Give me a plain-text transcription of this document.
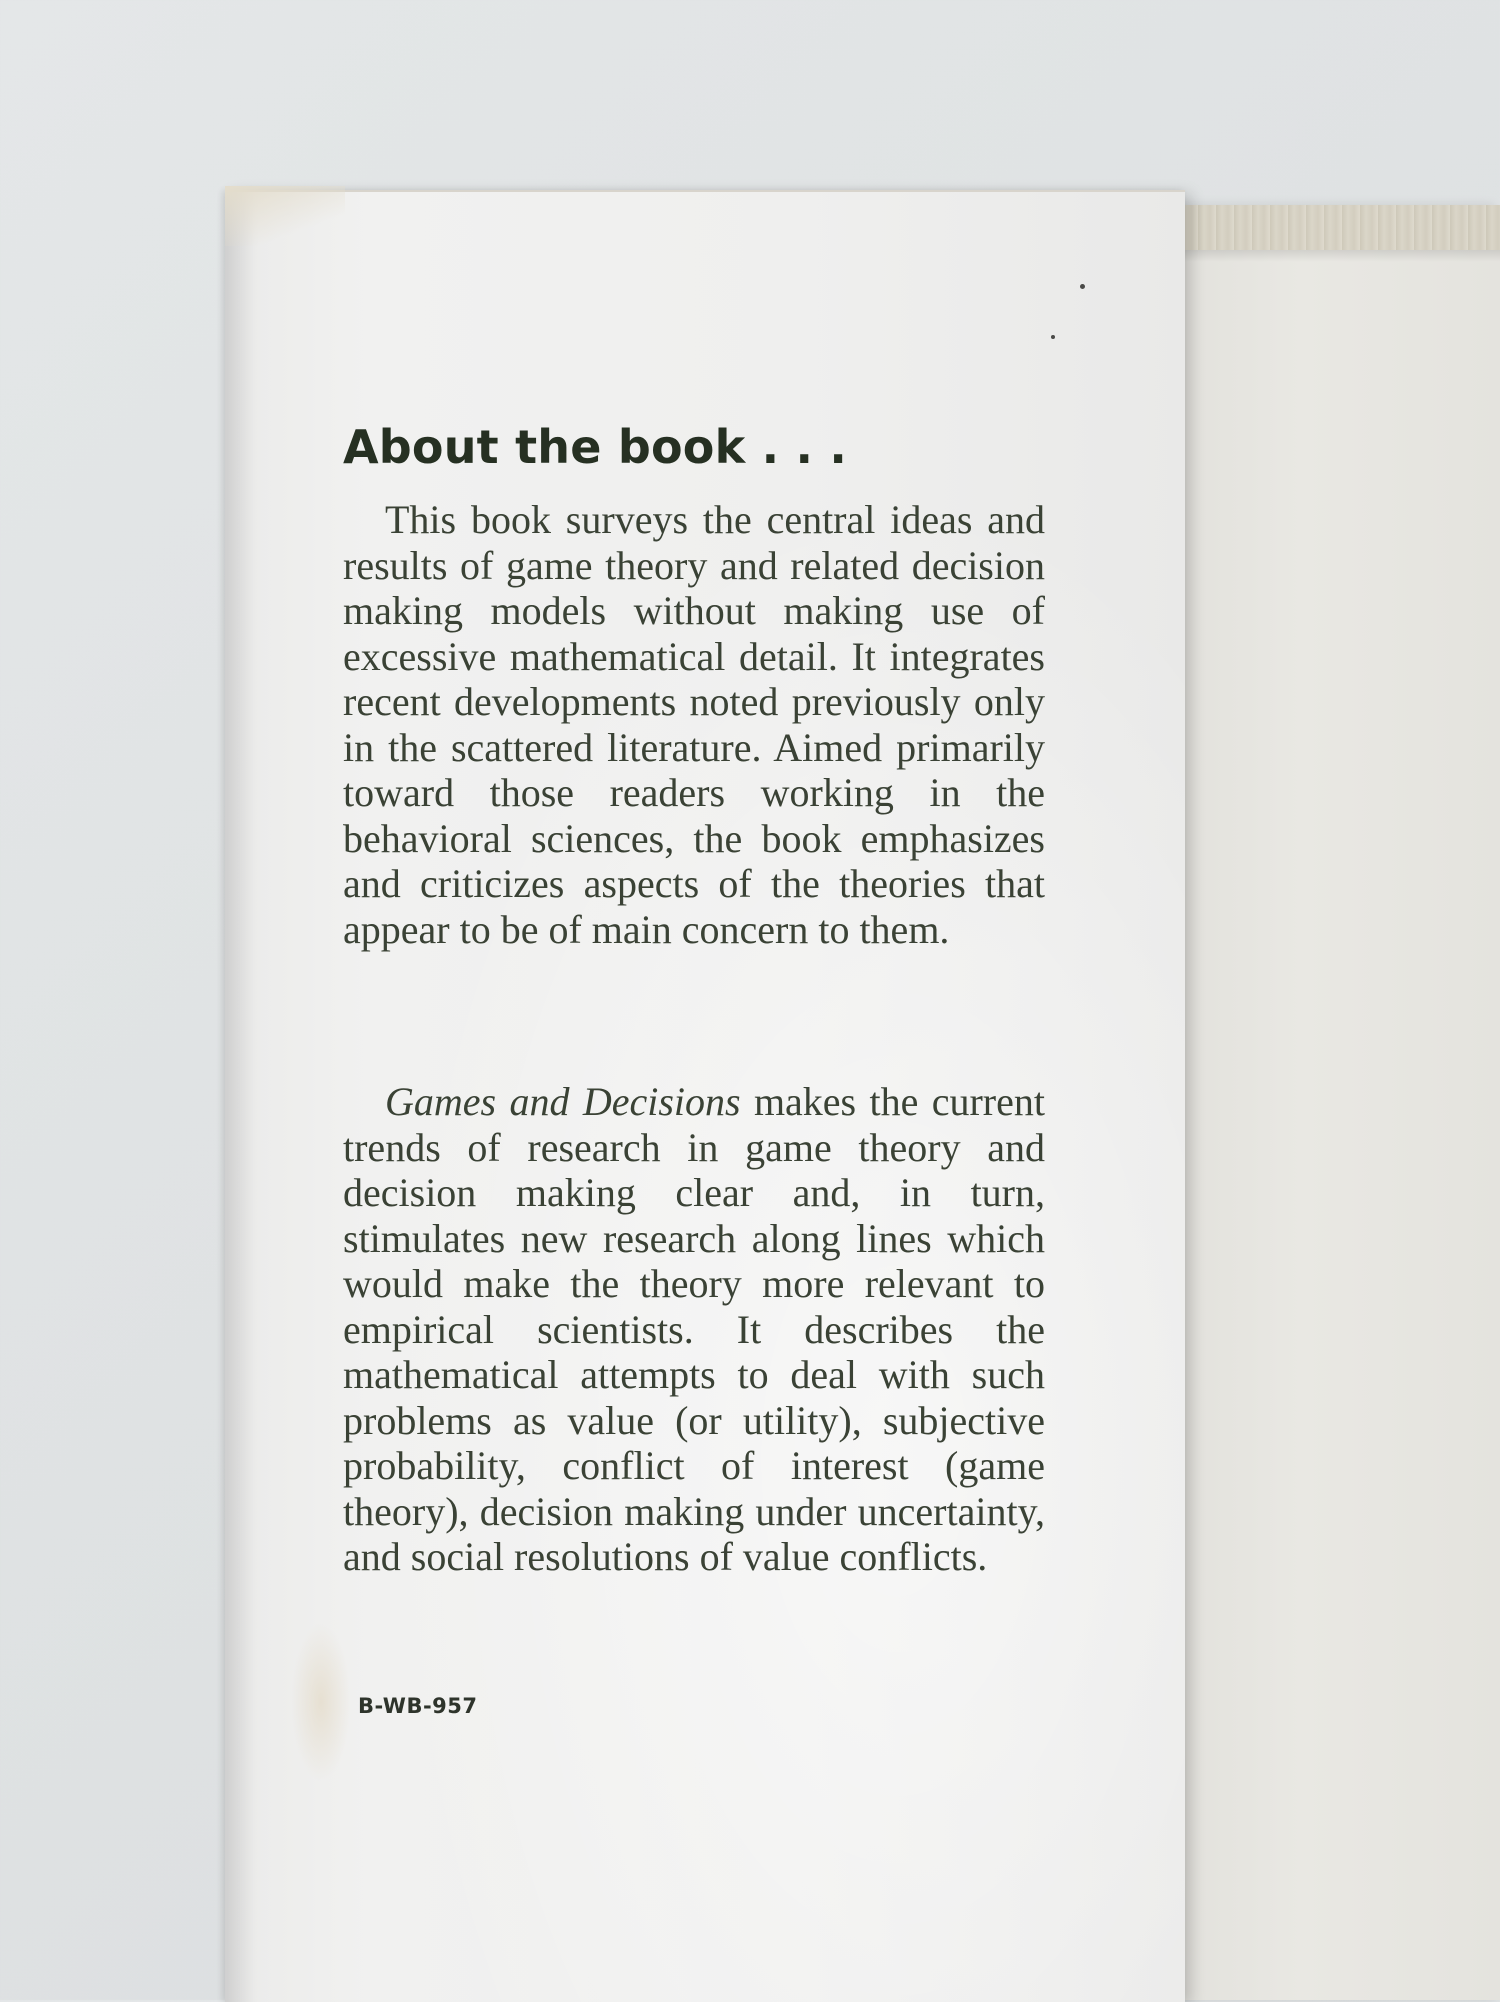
About the book . . .

This book surveys the central ideas and results of game theory and related decision making models without making use of excessive mathematical detail. It integrates recent developments noted previously only in the scattered literature. Aimed primarily toward those readers working in the behavioral sciences, the book emphasizes and criticizes aspects of the theories that appear to be of main concern to them.

Games and Decisions makes the current trends of research in game theory and decision making clear and, in turn, stimulates new research along lines which would make the theory more relevant to empirical scientists. It describes the mathematical attempts to deal with such problems as value (or utility), subjective probability, conflict of interest (game theory), decision making under uncertainty, and social resolutions of value conflicts.

B-WB-957
